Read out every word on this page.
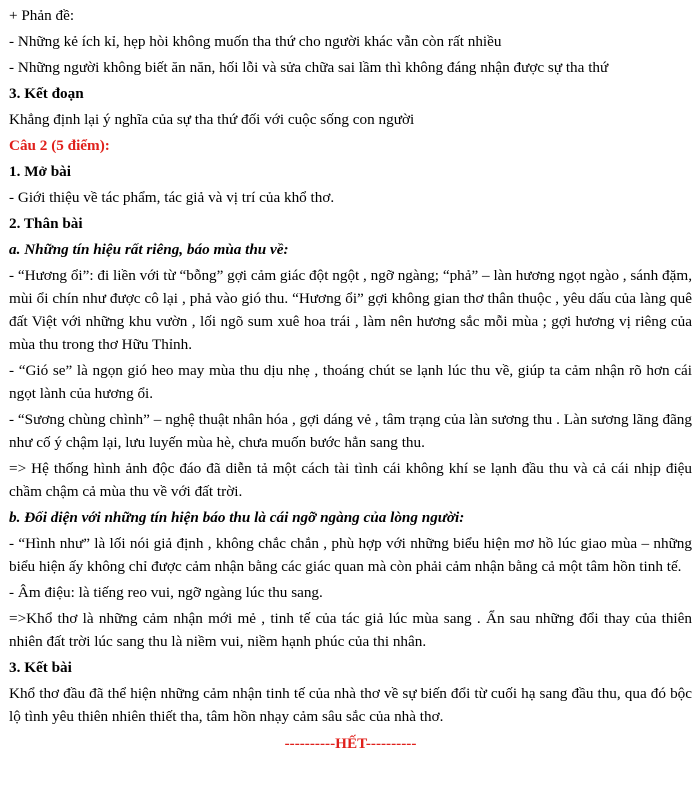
+ Phản đề:

- Những kẻ ích kỉ, hẹp hòi không muốn tha thứ cho người khác vẫn còn rất nhiều

- Những người không biết ăn năn, hối lỗi và sửa chữa sai lầm thì không đáng nhận được sự tha thứ

3. Kết đoạn

Khẳng định lại ý nghĩa của sự tha thứ đối với cuộc sống con người

Câu 2 (5 điểm):

1. Mở bài

- Giới thiệu về tác phẩm, tác giả và vị trí của khổ thơ.

2. Thân bài

a. Những tín hiệu rất riêng, báo mùa thu về:

- “Hương ổi”: đi liền với từ “bỗng” gợi cảm giác đột ngột , ngỡ ngàng; “phả” – làn hương ngọt ngào , sánh đặm, mùi ổi chín như được cô lại , phả vào gió thu. “Hương ổi” gợi không gian thơ thân thuộc , yêu dấu của làng quê đất Việt với những khu vườn , lối ngõ sum xuê hoa trái , làm nên hương sắc mỗi mùa ; gợi hương vị riêng của mùa thu trong thơ Hữu Thỉnh.

- “Gió se” là ngọn gió heo may mùa thu dịu nhẹ , thoáng chút se lạnh lúc thu về, giúp ta cảm nhận rõ hơn cái ngọt lành của hương ổi.

- “Sương chùng chình” – nghệ thuật nhân hóa , gợi dáng vẻ , tâm trạng của làn sương thu . Làn sương lãng đãng như cố ý chậm lại, lưu luyến mùa hè, chưa muốn bước hẳn sang thu.

=> Hệ thống hình ảnh độc đáo đã diễn tả một cách tài tình cái không khí se lạnh đầu thu và cả cái nhịp điệu chầm chậm cả mùa thu về với đất trời.

b. Đối diện với những tín hiện báo thu là cái ngỡ ngàng của lòng người:

- “Hình như” là lối nói giả định , không chắc chắn , phù hợp với những biểu hiện mơ hồ lúc giao mùa – những biểu hiện ấy không chỉ được cảm nhận bằng các giác quan mà còn phải cảm nhận bằng cả một tâm hồn tinh tế.

- Âm điệu: là tiếng reo vui, ngỡ ngàng lúc thu sang.

=>Khổ thơ là những cảm nhận mới mẻ , tinh tế của tác giả lúc mùa sang . Ẩn sau những đổi thay của thiên nhiên đất trời lúc sang thu là niềm vui, niềm hạnh phúc của thi nhân.

3. Kết bài

Khổ thơ đầu đã thể hiện những cảm nhận tinh tế của nhà thơ về sự biến đổi từ cuối hạ sang đầu thu, qua đó bộc lộ tình yêu thiên nhiên thiết tha, tâm hồn nhạy cảm sâu sắc của nhà thơ.

----------HẾT----------
